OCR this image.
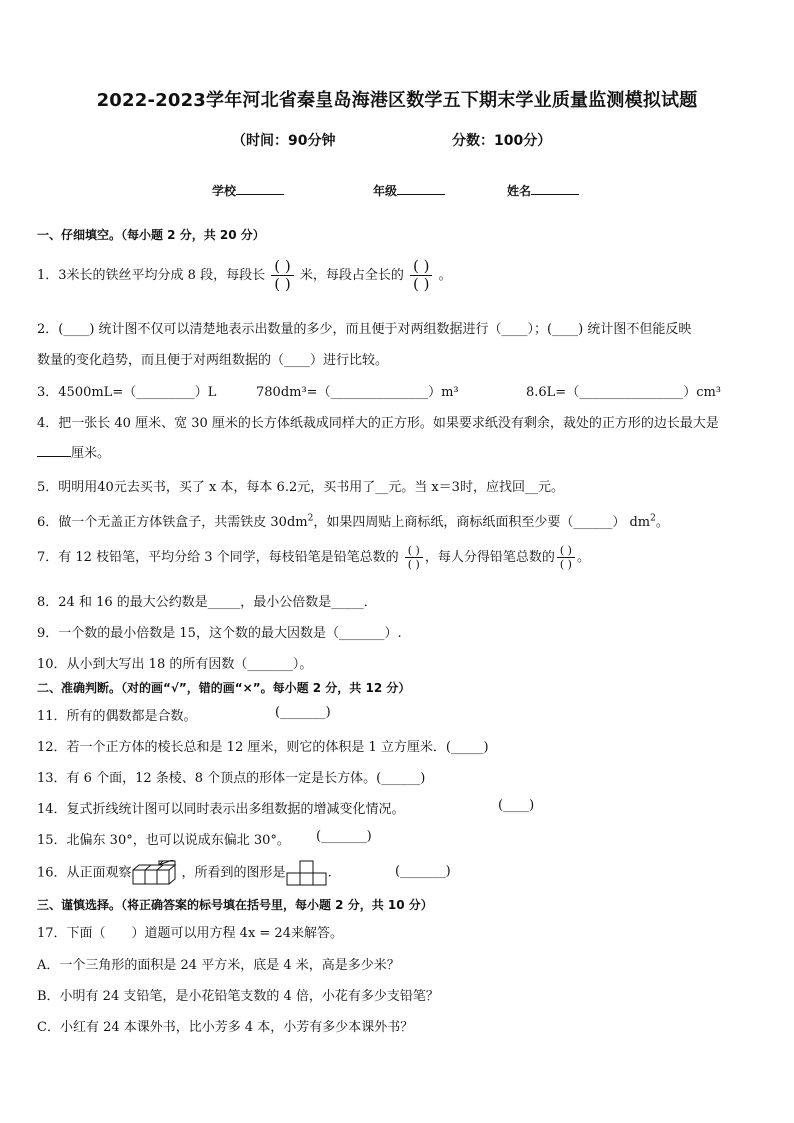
2022-2023学年河北省秦皇岛海港区数学五下期末学业质量监测模拟试题
（时间：90分钟	分数：100分）
学校	年级	姓名
一、仔细填空。（每小题 2 分，共 20 分）
1．3米长的铁丝平均分成 8 段，每段长 $\frac{( )}{( )}$ 米，每段占全长的 $\frac{( )}{( )}$ 。
2．(____) 统计图不仅可以清楚地表示出数量的多少，而且便于对两组数据进行（____）；(____) 统计图不但能反映
数量的变化趋势，而且便于对两组数据的（____）进行比较。
3．4500mL=（_________）L	780dm³=（_______________）m³	8.6L=（________________）cm³
4．把一张长 40 厘米、宽 30 厘米的长方体纸裁成同样大的正方形。如果要求纸没有剩余，裁处的正方形的边长最大是
厘米。
5．明明用40元去买书，买了 x 本，每本 6.2元，买书用了__元。当 x＝3时，应找回__元。
6．做一个无盖正方体铁盒子，共需铁皮 $30dm^2$，如果四周贴上商标纸，商标纸面积至少要（______） $dm^2$。
7．有 12 枝铅笔，平均分给 3 个同学，每枝铅笔是铅笔总数的 $\frac{( )}{( )}$ ，每人分得铅笔总数的 $\frac{( )}{( )}$ 。
8．24 和 16 的最大公约数是_____，最小公倍数是_____．
9．一个数的最小倍数是 15，这个数的最大因数是（_______）.
10．从小到大写出 18 的所有因数（_______）。
二、准确判断。（对的画“√”，错的画“×”。每小题 2 分，共 12 分）
11．所有的偶数都是合数。	(_______)
12．若一个正方体的棱长总和是 12 厘米，则它的体积是 1 立方厘米．(_____)
13．有 6 个面，12 条棱、8 个顶点的形体一定是长方体。(______)
14．复式折线统计图可以同时表示出多组数据的增减变化情况。	(____)
15．北偏东 30°，也可以说成东偏北 30°。 (_______)
16．从正面观察	，所看到的图形是	.	(_______)
三、谨慎选择。（将正确答案的标号填在括号里，每小题 2 分，共 10 分）
17．下面（　　）道题可以用方程 4x = 24来解答。
A．一个三角形的面积是 24 平方米，底是 4 米，高是多少米？
B．小明有 24 支铅笔，是小花铅笔支数的 4 倍，小花有多少支铅笔？
C．小红有 24 本课外书，比小芳多 4 本，小芳有多少本课外书？
